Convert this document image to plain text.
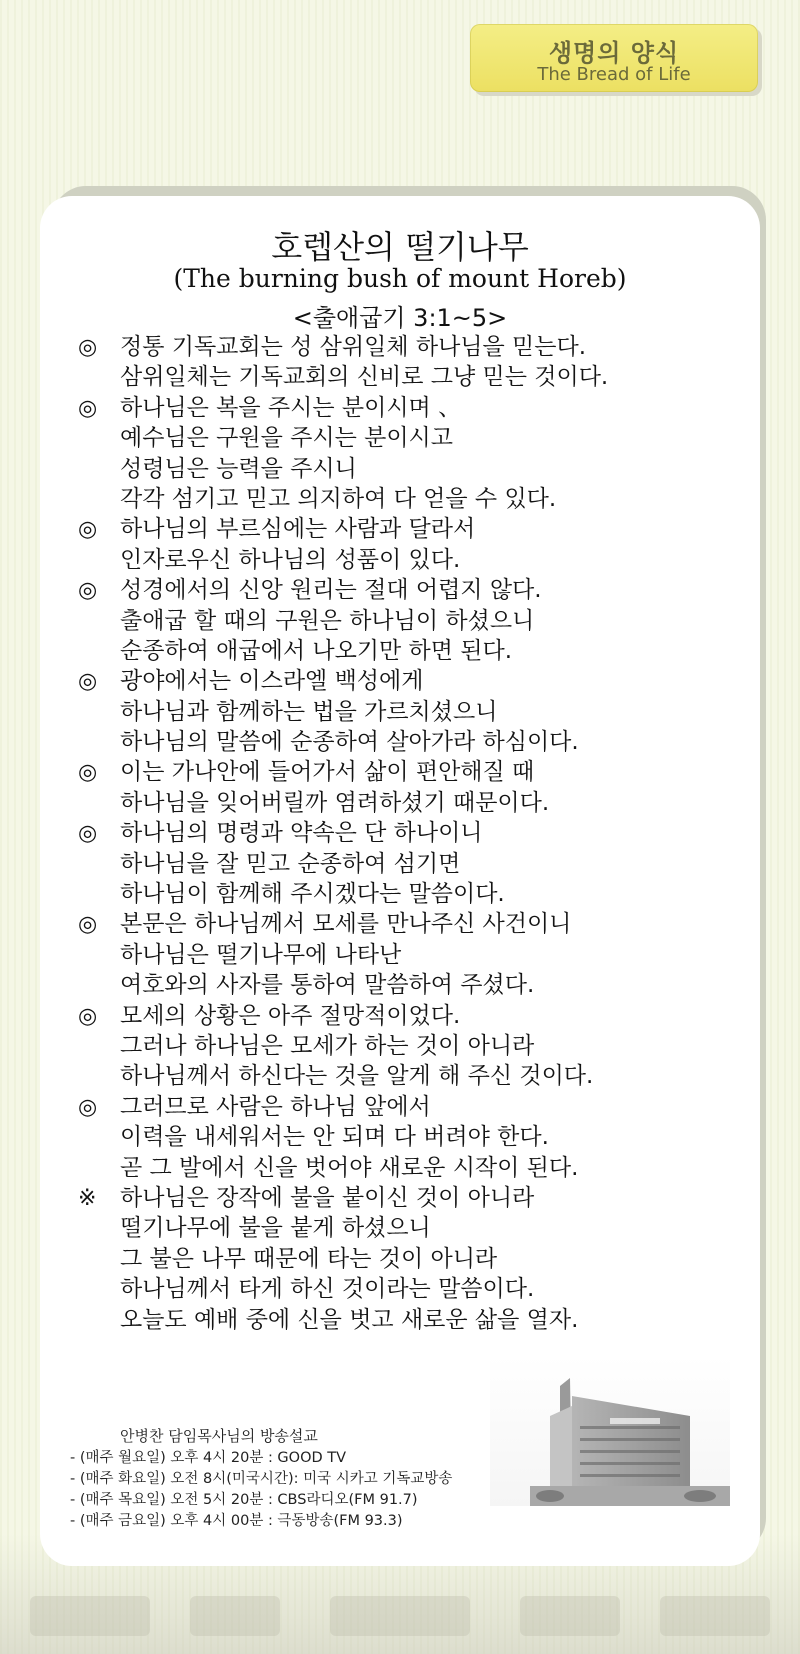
생명의 양식
The Bread of Life
호렙산의 떨기나무
(The burning bush of mount Horeb)
<출애굽기 3:1~5>
◎ 정통 기독교회는 성 삼위일체 하나님을 믿는다.
삼위일체는 기독교회의 신비로 그냥 믿는 것이다.
◎ 하나님은 복을 주시는 분이시며 、
예수님은 구원을 주시는 분이시고
성령님은 능력을 주시니
각각 섬기고 믿고 의지하여 다 얻을 수 있다.
◎ 하나님의 부르심에는 사람과 달라서
인자로우신 하나님의 성품이 있다.
◎ 성경에서의 신앙 원리는 절대 어렵지 않다.
출애굽 할 때의 구원은 하나님이 하셨으니
순종하여 애굽에서 나오기만 하면 된다.
◎ 광야에서는 이스라엘 백성에게
하나님과 함께하는 법을 가르치셨으니
하나님의 말씀에 순종하여 살아가라 하심이다.
◎ 이는 가나안에 들어가서 삶이 편안해질 때
하나님을 잊어버릴까 염려하셨기 때문이다.
◎ 하나님의 명령과 약속은 단 하나이니
하나님을 잘 믿고 순종하여 섬기면
하나님이 함께해 주시겠다는 말씀이다.
◎ 본문은 하나님께서 모세를 만나주신 사건이니
하나님은 떨기나무에 나타난
여호와의 사자를 통하여 말씀하여 주셨다.
◎ 모세의 상황은 아주 절망적이었다.
그러나 하나님은 모세가 하는 것이 아니라
하나님께서 하신다는 것을 알게 해 주신 것이다.
◎ 그러므로 사람은 하나님 앞에서
이력을 내세워서는 안 되며 다 버려야 한다.
곧 그 발에서 신을 벗어야 새로운 시작이 된다.
※ 하나님은 장작에 불을 붙이신 것이 아니라
떨기나무에 불을 붙게 하셨으니
그 불은 나무 때문에 타는 것이 아니라
하나님께서 타게 하신 것이라는 말씀이다.
오늘도 예배 중에 신을 벗고 새로운 삶을 열자.
안병찬 담임목사님의 방송설교
- (매주 월요일) 오후 4시 20분 : GOOD TV
- (매주 화요일) 오전 8시(미국시간): 미국 시카고 기독교방송
- (매주 목요일) 오전 5시 20분 : CBS라디오(FM 91.7)
- (매주 금요일) 오후 4시 00분 : 극동방송(FM 93.3)
